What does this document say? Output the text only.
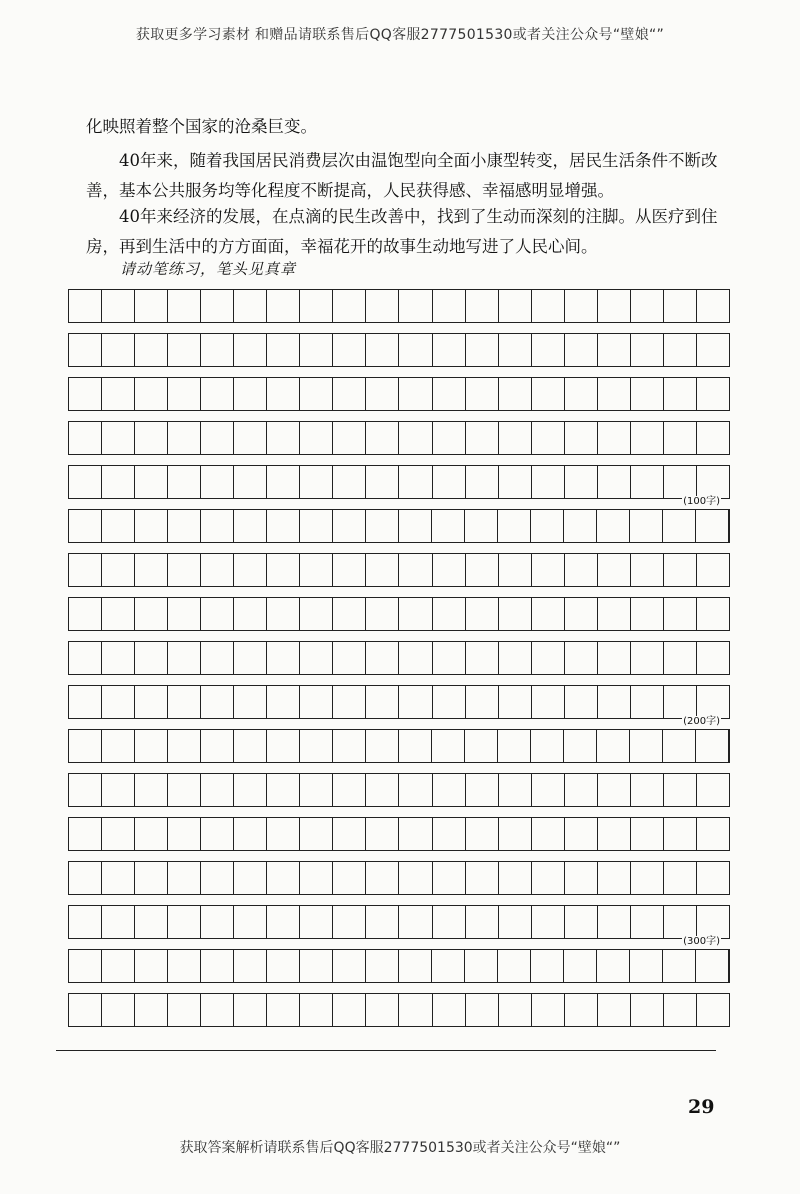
获取更多学习素材 和赠品请联系售后QQ客服2777501530或者关注公众号“壁娘“”

化映照着整个国家的沧桑巨变。

40年来，随着我国居民消费层次由温饱型向全面小康型转变，居民生活条件不断改善，基本公共服务均等化程度不断提高，人民获得感、幸福感明显增强。

40年来经济的发展，在点滴的民生改善中，找到了生动而深刻的注脚。从医疗到住房，再到生活中的方方面面，幸福花开的故事生动地写进了人民心间。

请动笔练习，笔头见真章
(100字)
(200字)
(300字)
29
获取答案解析请联系售后QQ客服2777501530或者关注公众号“壁娘“”
